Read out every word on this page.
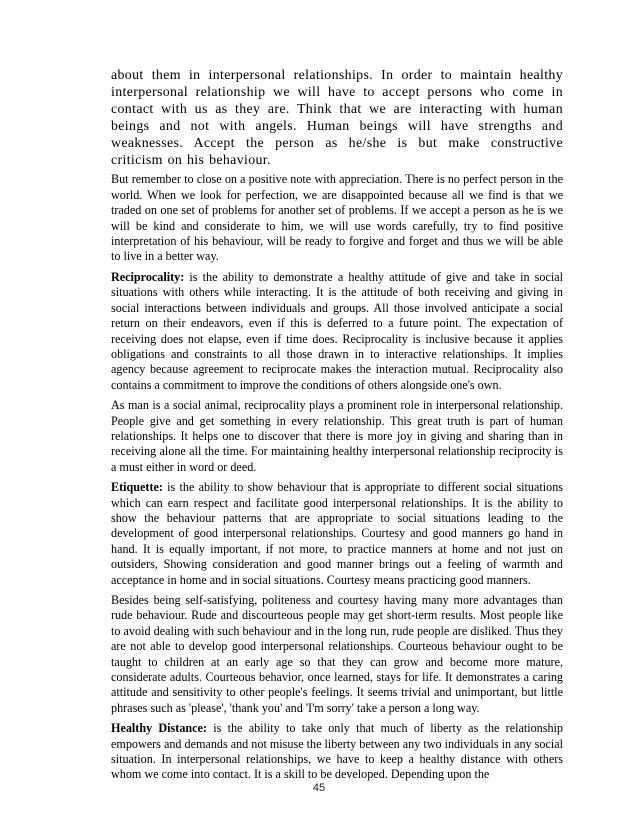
about them in interpersonal relationships. In order to maintain healthy interpersonal relationship we will have to accept persons who come in contact with us as they are. Think that we are interacting with human beings and not with angels. Human beings will have strengths and weaknesses. Accept the person as he/she is but make constructive criticism on his behaviour.

But remember to close on a positive note with appreciation. There is no perfect person in the world. When we look for perfection, we are disappointed because all we find is that we traded on one set of problems for another set of problems. If we accept a person as he is we will be kind and considerate to him, we will use words carefully, try to find positive interpretation of his behaviour, will be ready to forgive and forget and thus we will be able to live in a better way.

Reciprocality: is the ability to demonstrate a healthy attitude of give and take in social situations with others while interacting. It is the attitude of both receiving and giving in social interactions between individuals and groups. All those involved anticipate a social return on their endeavors, even if this is deferred to a future point. The expectation of receiving does not elapse, even if time does. Reciprocality is inclusive because it applies obligations and constraints to all those drawn in to interactive relationships. It implies agency because agreement to reciprocate makes the interaction mutual. Reciprocality also contains a commitment to improve the conditions of others alongside one's own.

As man is a social animal, reciprocality plays a prominent role in interpersonal relationship. People give and get something in every relationship. This great truth is part of human relationships. It helps one to discover that there is more joy in giving and sharing than in receiving alone all the time. For maintaining healthy interpersonal relationship reciprocity is a must either in word or deed.

Etiquette: is the ability to show behaviour that is appropriate to different social situations which can earn respect and facilitate good interpersonal relationships. It is the ability to show the behaviour patterns that are appropriate to social situations leading to the development of good interpersonal relationships. Courtesy and good manners go hand in hand. It is equally important, if not more, to practice manners at home and not just on outsiders, Showing consideration and good manner brings out a feeling of warmth and acceptance in home and in social situations. Courtesy means practicing good manners.

Besides being self-satisfying, politeness and courtesy having many more advantages than rude behaviour. Rude and discourteous people may get short-term results. Most people like to avoid dealing with such behaviour and in the long run, rude people are disliked. Thus they are not able to develop good interpersonal relationships. Courteous behaviour ought to be taught to children at an early age so that they can grow and become more mature, considerate adults. Courteous behavior, once learned, stays for life. It demonstrates a caring attitude and sensitivity to other people's feelings. It seems trivial and unimportant, but little phrases such as 'please', 'thank you' and 'I'm sorry' take a person a long way.

Healthy Distance: is the ability to take only that much of liberty as the relationship empowers and demands and not misuse the liberty between any two individuals in any social situation. In interpersonal relationships, we have to keep a healthy distance with others whom we come into contact. It is a skill to be developed. Depending upon the

45
